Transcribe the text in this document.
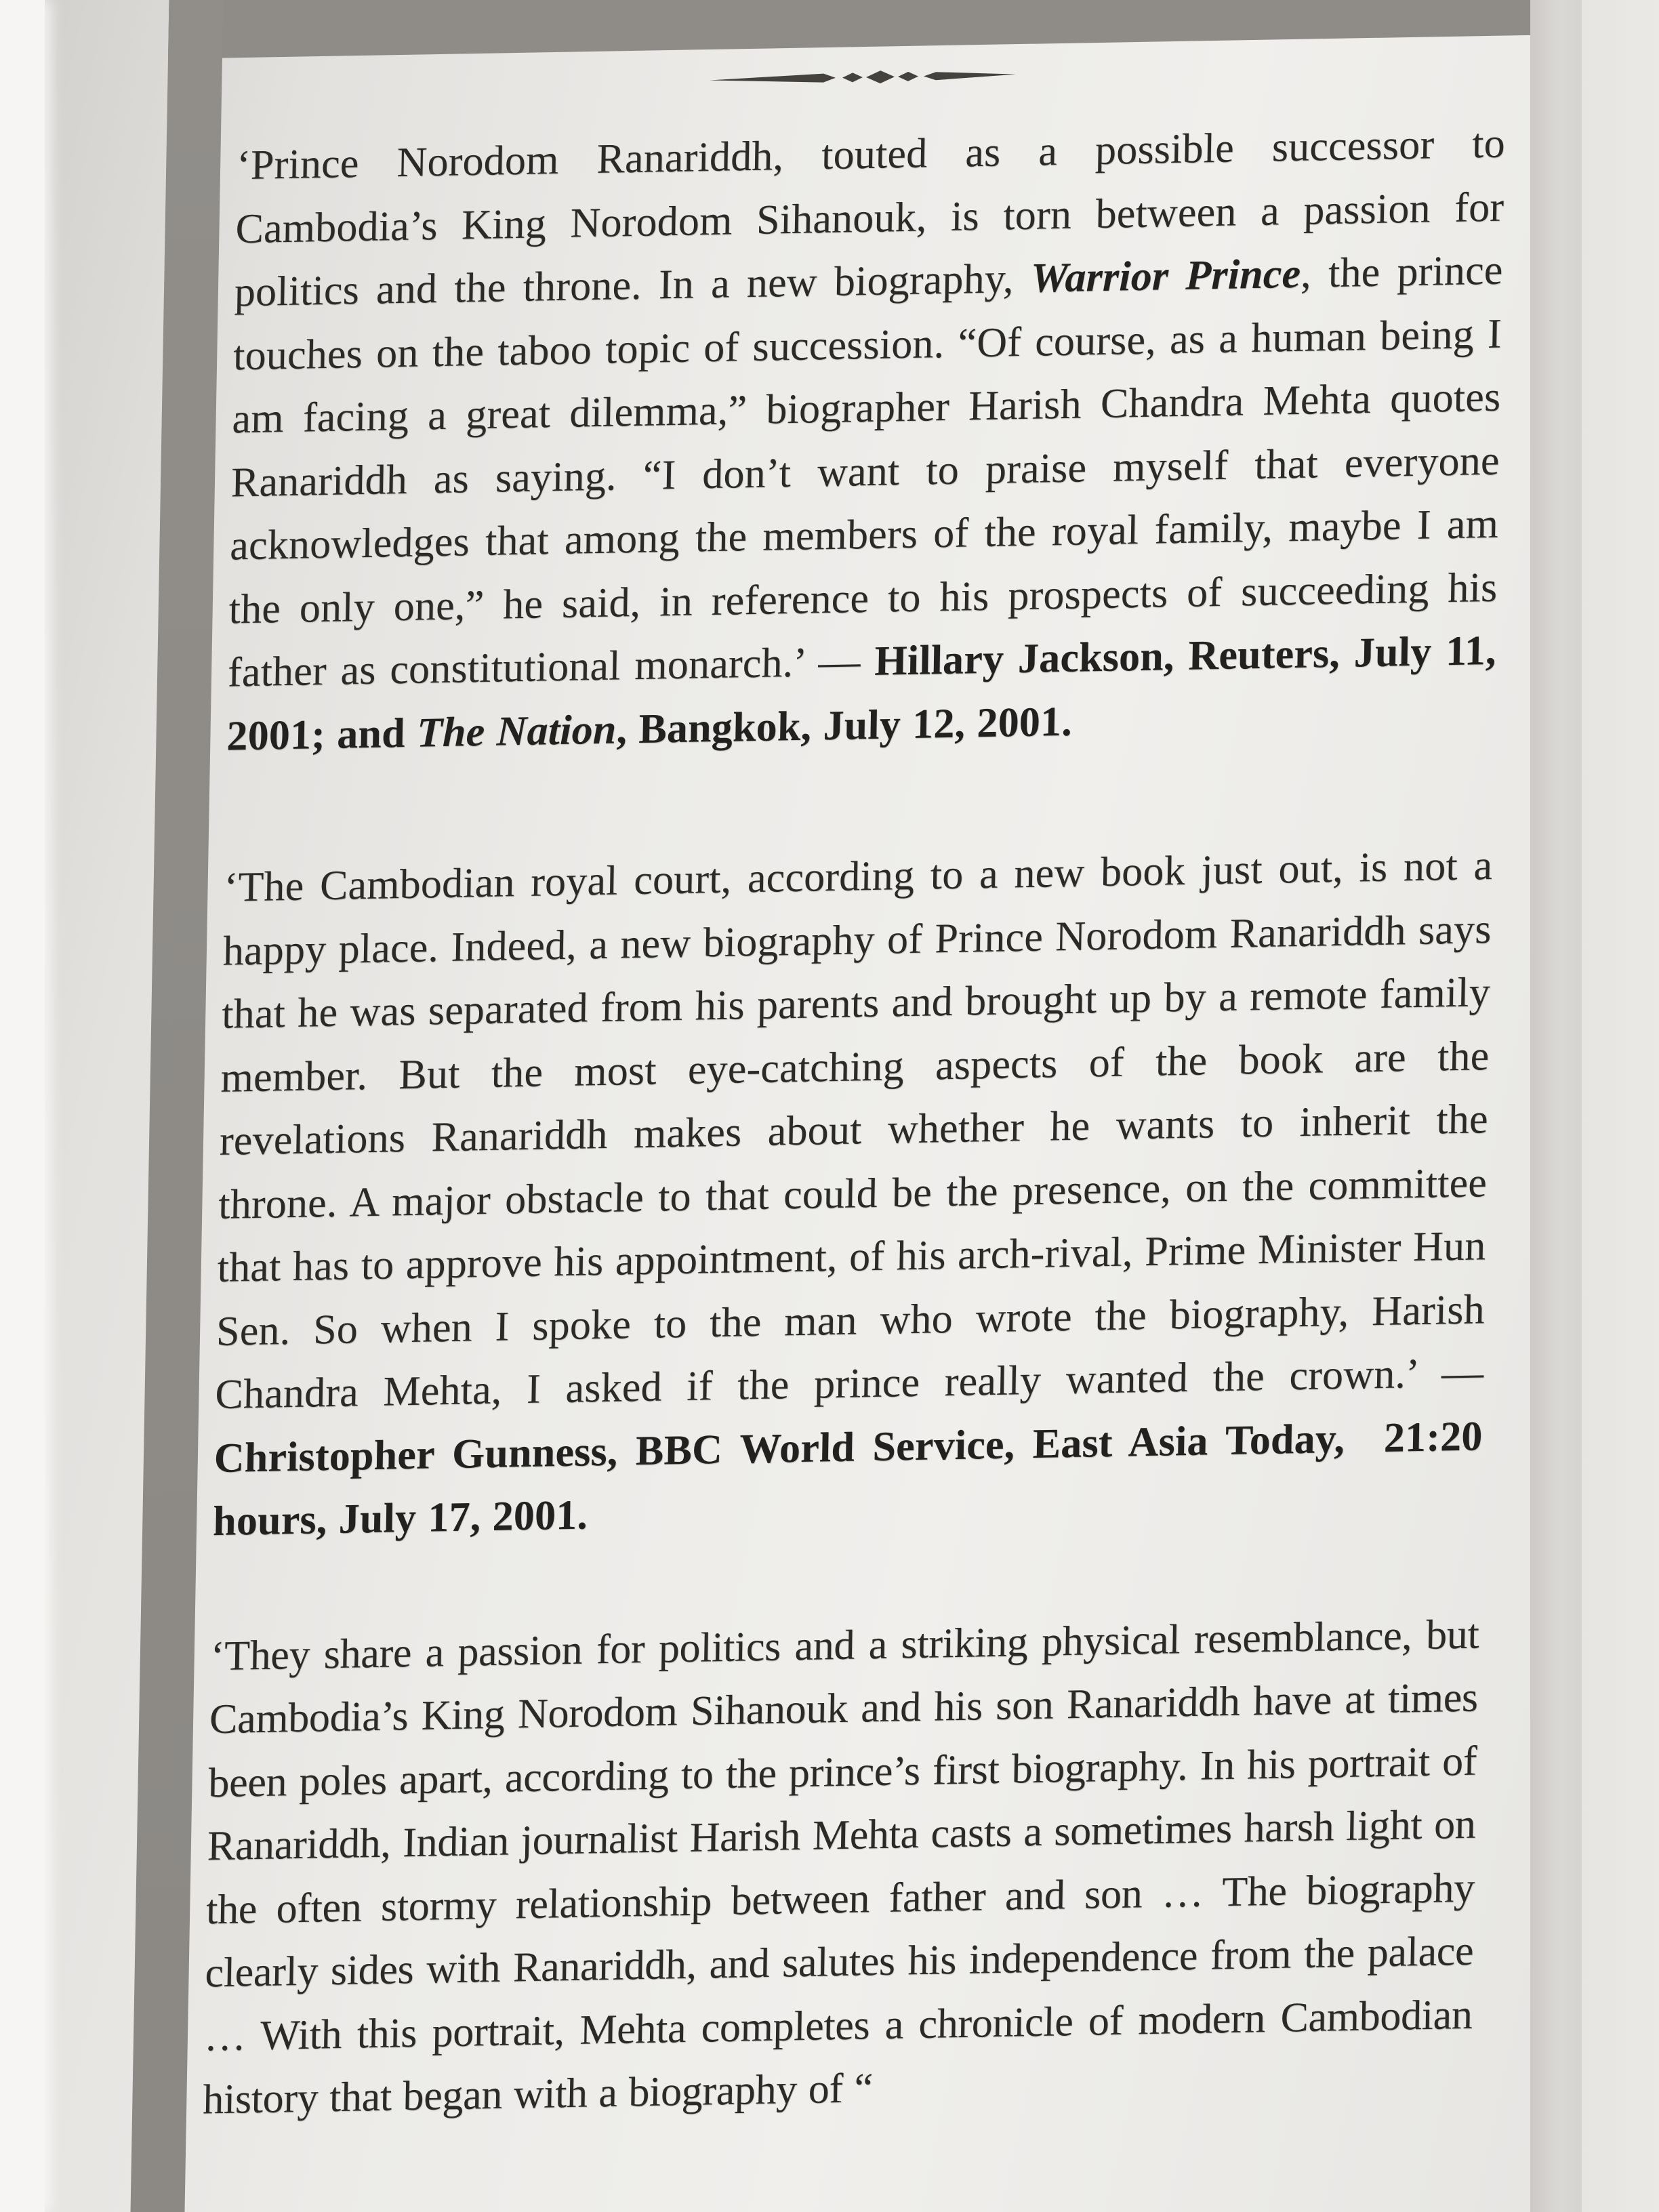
‘Prince Norodom Ranariddh, touted as a possible successor to Cambodia’s King Norodom Sihanouk, is torn between a passion for politics and the throne. In a new biography, Warrior Prince, the prince touches on the taboo topic of succession. “Of course, as a human being I am facing a great dilemma,” biographer Harish Chandra Mehta quotes Ranariddh as saying. “I don’t want to praise myself that everyone acknowledges that among the members of the royal family, maybe I am the only one,” he said, in reference to his prospects of succeeding his father as constitutional monarch.’ — Hillary Jackson, Reuters, July 11, 2001; and The Nation, Bangkok, July 12, 2001.

‘The Cambodian royal court, according to a new book just out, is not a happy place. Indeed, a new biography of Prince Norodom Ranariddh says that he was separated from his parents and brought up by a remote family member. But the most eye-catching aspects of the book are the revelations Ranariddh makes about whether he wants to inherit the throne. A major obstacle to that could be the presence, on the committee that has to approve his appointment, of his arch-rival, Prime Minister Hun Sen. So when I spoke to the man who wrote the biography, Harish Chandra Mehta, I asked if the prince really wanted the crown.’ — Christopher Gunness, BBC World Service, East Asia Today,  21:20 hours, July 17, 2001.

‘They share a passion for politics and a striking physical resemblance, but Cambodia’s King Norodom Sihanouk and his son Ranariddh have at times been poles apart, according to the prince’s first biography. In his portrait of Ranariddh, Indian journalist Harish Mehta casts a sometimes harsh light on the often stormy relationship between father and son … The biography clearly sides with Ranariddh, and salutes his independence from the palace … With this portrait, Mehta completes a chronicle of modern Cambodian history that began with a biography of “
